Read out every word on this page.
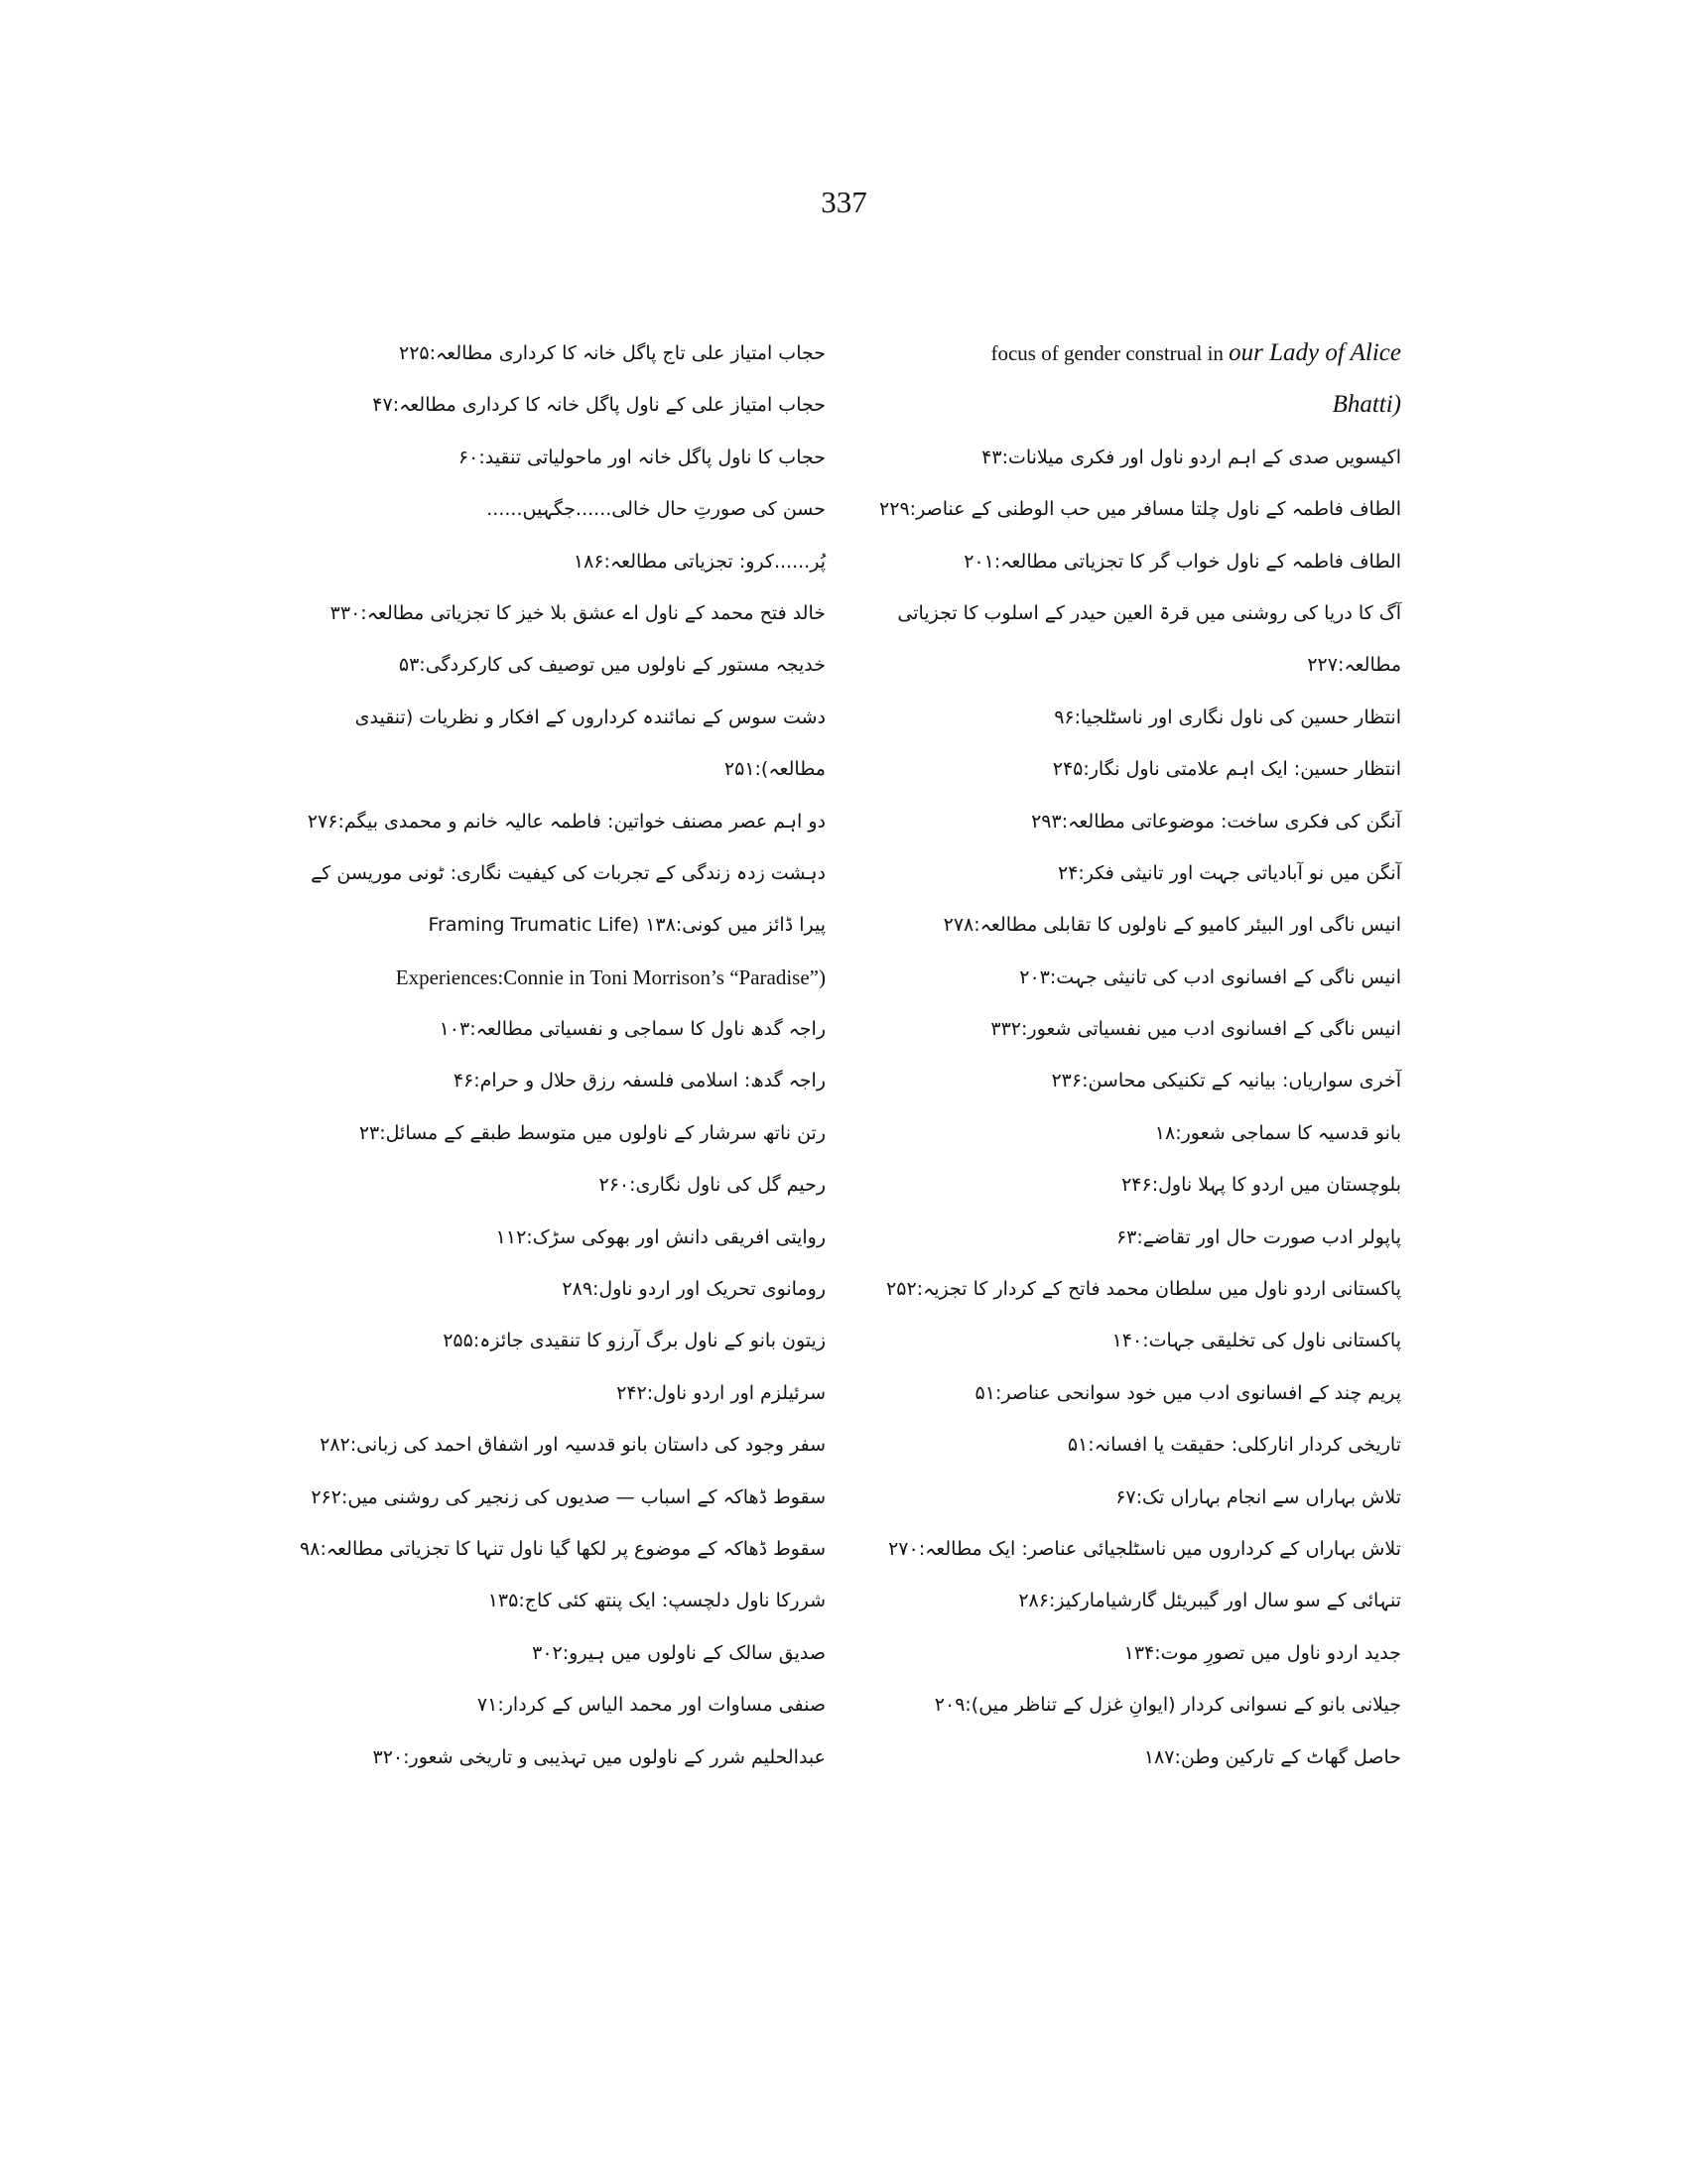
337
focus of gender construal in our Lady of Alice
Bhatti)
اکیسویں صدی کے اہم اردو ناول اور فکری میلانات:۴۳
الطاف فاطمہ کے ناول چلتا مسافر میں حب الوطنی کے عناصر:۲۲۹
الطاف فاطمہ کے ناول خواب گر کا تجزیاتی مطالعہ:۲۰۱
آگ کا دریا کی روشنی میں قرۃ العین حیدر کے اسلوب کا تجزیاتی
مطالعہ:۲۲۷
انتظار حسین کی ناول نگاری اور ناسٹلجیا:۹۶
انتظار حسین: ایک اہم علامتی ناول نگار:۲۴۵
آنگن کی فکری ساخت: موضوعاتی مطالعہ:۲۹۳
آنگن میں نو آبادیاتی جہت اور تانیثی فکر:۲۴
انیس ناگی اور البیئر کامیو کے ناولوں کا تقابلی مطالعہ:۲۷۸
انیس ناگی کے افسانوی ادب کی تانیثی جہت:۲۰۳
انیس ناگی کے افسانوی ادب میں نفسیاتی شعور:۳۳۲
آخری سواریاں: بیانیہ کے تکنیکی محاسن:۲۳۶
بانو قدسیہ کا سماجی شعور:۱۸
بلوچستان میں اردو کا پہلا ناول:۲۴۶
پاپولر ادب صورت حال اور تقاضے:۶۳
پاکستانی اردو ناول میں سلطان محمد فاتح کے کردار کا تجزیہ:۲۵۲
پاکستانی ناول کی تخلیقی جہات:۱۴۰
پریم چند کے افسانوی ادب میں خود سوانحی عناصر:۵۱
تاریخی کردار انارکلی: حقیقت یا افسانہ:۵۱
تلاش بہاراں سے انجام بہاراں تک:۶۷
تلاش بہاراں کے کرداروں میں ناسٹلجیائی عناصر: ایک مطالعہ:۲۷۰
تنہائی کے سو سال اور گیبریئل گارشیامارکیز:۲۸۶
جدید اردو ناول میں تصورِ موت:۱۳۴
جیلانی بانو کے نسوانی کردار (ایوانِ غزل کے تناظر میں):۲۰۹
حاصل گھاٹ کے تارکین وطن:۱۸۷
حجاب امتیاز علی تاج پاگل خانہ کا کرداری مطالعہ:۲۲۵
حجاب امتیاز علی کے ناول پاگل خانہ کا کرداری مطالعہ:۴۷
حجاب کا ناول پاگل خانہ اور ماحولیاتی تنقید:۶۰
حسن کی صورتِ حال خالی......جگہیں......
پُر......کرو: تجزیاتی مطالعہ:۱۸۶
خالد فتح محمد کے ناول اے عشق بلا خیز کا تجزیاتی مطالعہ:۳۳۰
خدیجہ مستور کے ناولوں میں توصیف کی کارکردگی:۵۳
دشت سوس کے نمائندہ کرداروں کے افکار و نظریات (تنقیدی
مطالعہ):۲۵۱
دو اہم عصر مصنف خواتین: فاطمہ عالیہ خانم و محمدی بیگم:۲۷۶
دہشت زدہ زندگی کے تجربات کی کیفیت نگاری: ٹونی موریسن کے
پیرا ڈائز میں کونی:۱۳۸ (Framing Trumatic Life
Experiences:Connie in Toni Morrison’s “Paradise”)
راجہ گدھ ناول کا سماجی و نفسیاتی مطالعہ:۱۰۳
راجہ گدھ: اسلامی فلسفہ رزق حلال و حرام:۴۶
رتن ناتھ سرشار کے ناولوں میں متوسط طبقے کے مسائل:۲۳
رحیم گل کی ناول نگاری:۲۶۰
روایتی افریقی دانش اور بھوکی سڑک:۱۱۲
رومانوی تحریک اور اردو ناول:۲۸۹
زیتون بانو کے ناول برگ آرزو کا تنقیدی جائزہ:۲۵۵
سرئیلزم اور اردو ناول:۲۴۲
سفر وجود کی داستان بانو قدسیہ اور اشفاق احمد کی زبانی:۲۸۲
سقوط ڈھاکہ کے اسباب — صدیوں کی زنجیر کی روشنی میں:۲۶۲
سقوط ڈھاکہ کے موضوع پر لکھا گیا ناول تنہا کا تجزیاتی مطالعہ:۹۸
شررکا ناول دلچسپ: ایک پنتھ کئی کاج:۱۳۵
صدیق سالک کے ناولوں میں ہیرو:۳۰۲
صنفی مساوات اور محمد الیاس کے کردار:۷۱
عبدالحلیم شرر کے ناولوں میں تہذیبی و تاریخی شعور:۳۲۰
